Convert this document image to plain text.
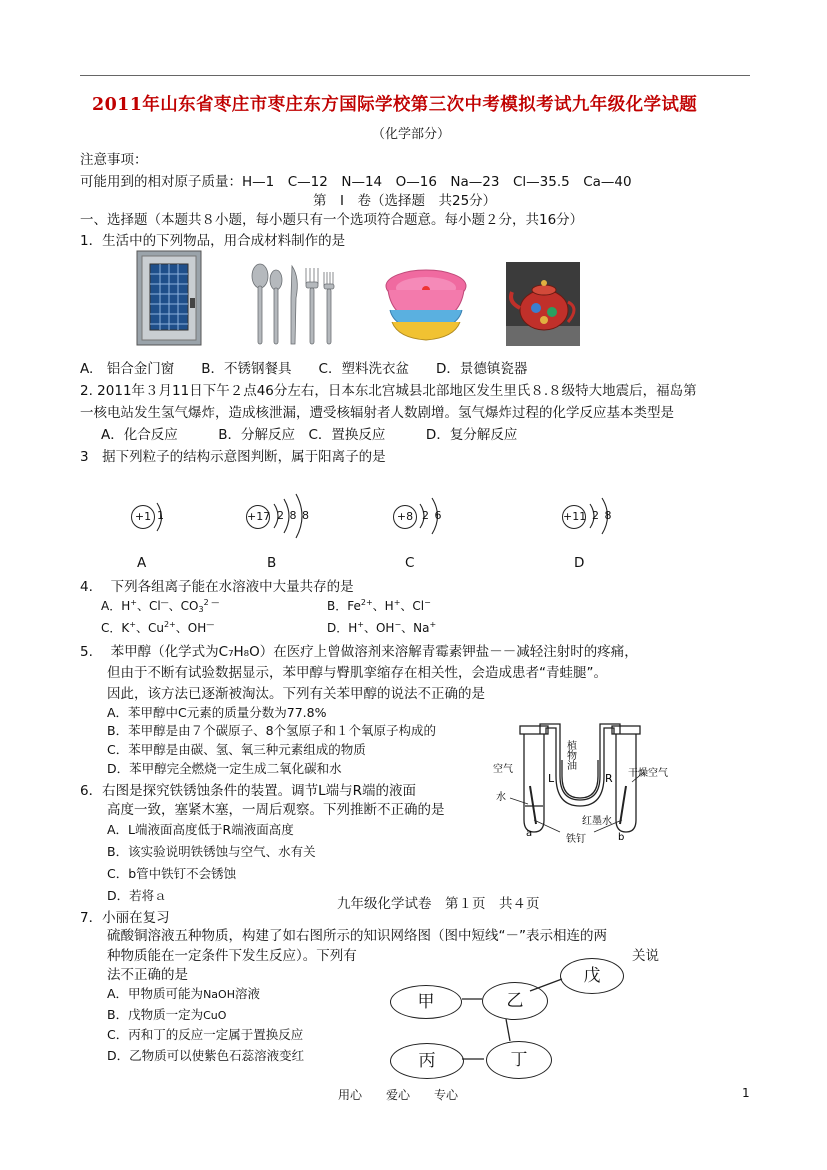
2011年山东省枣庄市枣庄东方国际学校第三次中考模拟考试九年级化学试题
（化学部分）
注意事项：
可能用到的相对原子质量：H—1　C—12　N—14　O—16　Na—23　Cl—35.5　Ca—40
第　I　卷（选择题　共25分）
一、选择题（本题共８小题，每小题只有一个选项符合题意。每小题２分，共16分）
1．生活中的下列物品，用合成材料制作的是
A.　铝合金门窗　　B．不锈钢餐具　　C．塑料洗衣盆　　D．景德镇瓷器
2. 2011年３月11日下午２点46分左右，日本东北宫城县北部地区发生里氏８.８级特大地震后，福岛第
一核电站发生氢气爆炸，造成核泄漏，遭受核辐射者人数剧增。氢气爆炸过程的化学反应基本类型是
A．化合反应　　　B．分解反应　C．置换反应　　　D．复分解反应
3　据下列粒子的结构示意图判断，属于阳离子的是
+1 1
A
+17 2 8 8
B
+8 2 6
C
+11 2 8
D
4.　 下列各组离子能在水溶液中大量共存的是
A．H+、Cl—、$CO_3^{2 —}$	B．$Fe^{2+}$、H+、Cl−
C．K+、$Cu^{2+}$、OH—	D．H+、OH−、Na+
5.　 苯甲醇（化学式为C₇H₈O）在医疗上曾做溶剂来溶解青霉素钾盐－－减轻注射时的疼痛，
但由于不断有试验数据显示，苯甲醇与臀肌挛缩存在相关性，会造成患者“青蛙腿”。
因此，该方法已逐渐被淘汰。下列有关苯甲醇的说法不正确的是
A．苯甲醇中C元素的质量分数为77.8%
B．苯甲醇是由７个碳原子、8个氢原子和１个氧原子构成的
C．苯甲醇是由碳、氢、氧三种元素组成的物质
D．苯甲醇完全燃烧一定生成二氧化碳和水
6．右图是探究铁锈蚀条件的装置。调节L端与R端的液面
高度一致，塞紧木塞，一周后观察。下列推断不正确的是
A．L端液面高度低于R端液面高度
B．该实验说明铁锈蚀与空气、水有关
C．b管中铁钉不会锈蚀
D．若将ａ
空气	干燥空气
水
植物油
L	R
红墨水
铁钉
a	b
九年级化学试卷　第１页　共４页
7．小丽在复习
硫酸铜溶液五种物质，构建了如右图所示的知识网络图（图中短线“－”表示相连的两
种物质能在一定条件下发生反应）。下列有	关说
法不正确的是
A．甲物质可能为NaOH溶液
B．戊物质一定为CuO
C．丙和丁的反应一定属于置换反应
D．乙物质可以使紫色石蕊溶液变红
甲	乙
戊
丙	丁
用心　　爱心　　专心	1
